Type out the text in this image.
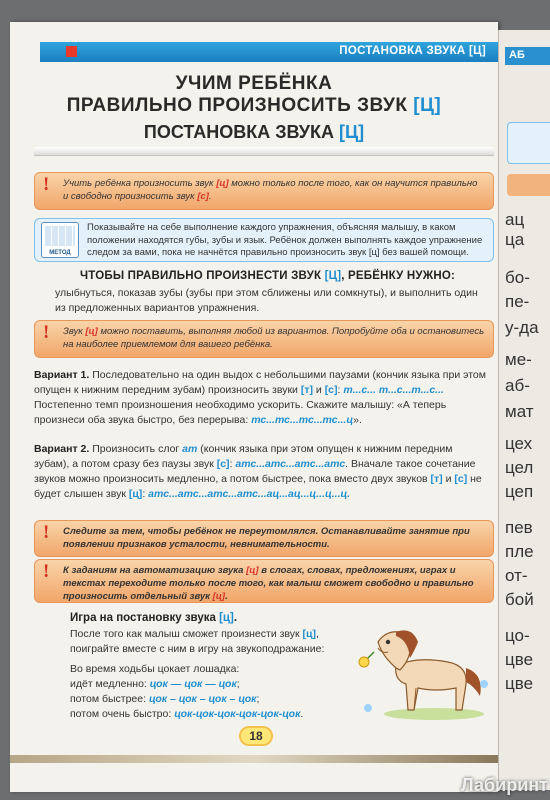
ПОСТАНОВКА ЗВУКА [Ц]
УЧИМ РЕБЁНКА
ПРАВИЛЬНО ПРОИЗНОСИТЬ ЗВУК [Ц]
ПОСТАНОВКА ЗВУКА [Ц]
! Учить ребёнка произносить звук [ц] можно только после того, как он научится правильно и свободно произносить звук [с].
МЕТОД
Показывайте на себе выполнение каждого упражнения, объясняя малышу, в каком положении находятся губы, зубы и язык. Ребёнок должен выполнять каждое упражнение следом за вами, пока не начнётся правильно произносить звук [ц] без вашей помощи.
ЧТОБЫ ПРАВИЛЬНО ПРОИЗНЕСТИ ЗВУК [Ц], РЕБЁНКУ НУЖНО:
улыбнуться, показав зубы (зубы при этом сближены или сомкнуты), и выполнить один из предложенных вариантов упражнения.
! Звук [ц] можно поставить, выполняя любой из вариантов. Попробуйте оба и остановитесь на наиболее приемлемом для вашего ребёнка.
Вариант 1. Последовательно на один выдох с небольшими паузами (кончик языка при этом опущен к нижним передним зубам) произносить звуки [т] и [с]: т...с... т...с...т...с... Постепенно темп произношения необходимо ускорить. Скажите малышу: «А теперь произнеси оба звука быстро, без перерыва: тс...тс...тс...тс...ц».
Вариант 2. Произносить слог ат (кончик языка при этом опущен к нижним передним зубам), а потом сразу без паузы звук [с]: атс...атс...атс...атс. Вначале такое сочетание звуков можно произносить медленно, а потом быстрее, пока вместо двух звуков [т] и [с] не будет слышен звук [ц]: атс...атс...атс...атс...ац...ац...ц...ц...ц.
! Следите за тем, чтобы ребёнок не переутомлялся. Останавливайте занятие при появлении признаков усталости, невнимательности.
! К заданиям на автоматизацию звука [ц] в слогах, словах, предложениях, играх и текстах переходите только после того, как малыш сможет свободно и правильно произносить отдельный звук [ц].
Игра на постановку звука [ц].
После того как малыш сможет произнести звук [ц], поиграйте вместе с ним в игру на звукоподражание:
Во время ходьбы цокает лошадка:
идёт медленно: цок — цок — цок;
потом быстрее: цок – цок – цок – цок;
потом очень быстро: цок-цок-цок-цок-цок-цок.
18
АБ
ац
ца
бо-
пе-
у-да
ме-
аб-
мат
цех
цел
цеп
пев
пле
от-
бой
цо-
цве
цве
Лабиринт
